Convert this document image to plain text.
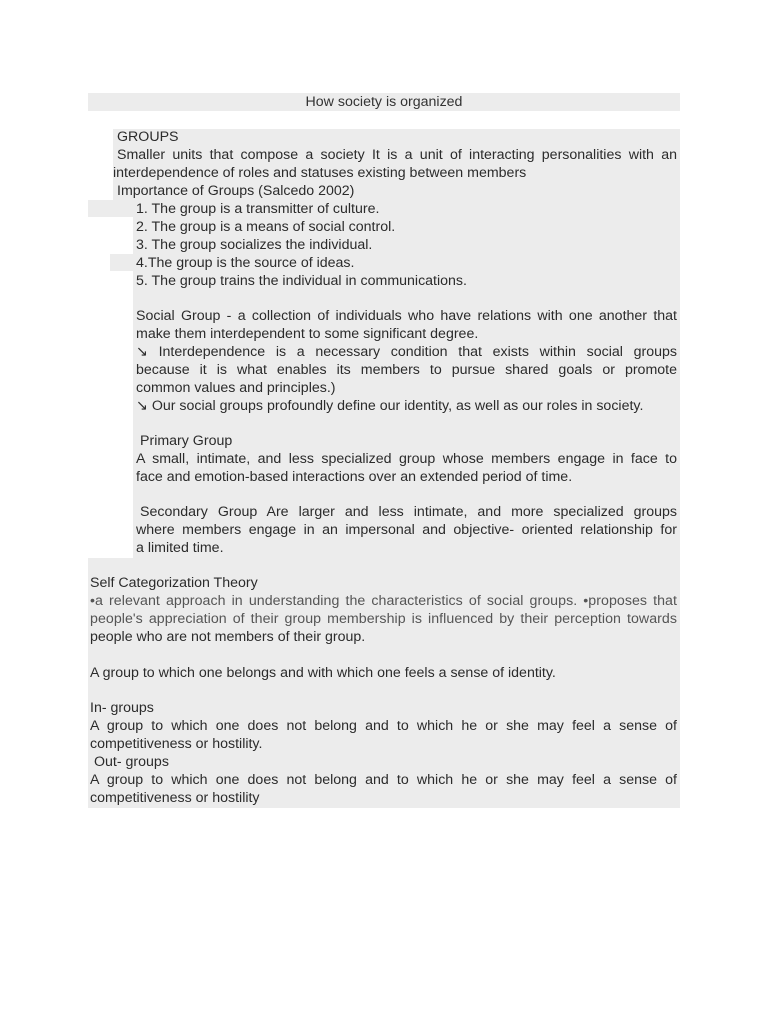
How society is organized
GROUPS
Smaller units that compose a society It is a unit of interacting personalities with an
interdependence of roles and statuses existing between members
Importance of Groups (Salcedo 2002)
1. The group is a transmitter of culture.
2. The group is a means of social control.
3. The group socializes the individual.
4.The group is the source of ideas.
5. The group trains the individual in communications.
Social Group - a collection of individuals who have relations with one another that
make them interdependent to some significant degree.
↘ Interdependence is a necessary condition that exists within social groups
because it is what enables its members to pursue shared goals or promote
common values and principles.)
↘ Our social groups profoundly define our identity, as well as our roles in society.
Primary Group
A small, intimate, and less specialized group whose members engage in face to
face and emotion-based interactions over an extended period of time.
Secondary Group Are larger and less intimate, and more specialized groups
where members engage in an impersonal and objective- oriented relationship for
a limited time.
Self Categorization Theory
•a relevant approach in understanding the characteristics of social groups. •proposes that
people's appreciation of their group membership is influenced by their perception towards
people who are not members of their group.
A group to which one belongs and with which one feels a sense of identity.
In- groups
A group to which one does not belong and to which he or she may feel a sense of
competitiveness or hostility.
Out- groups
A group to which one does not belong and to which he or she may feel a sense of
competitiveness or hostility
